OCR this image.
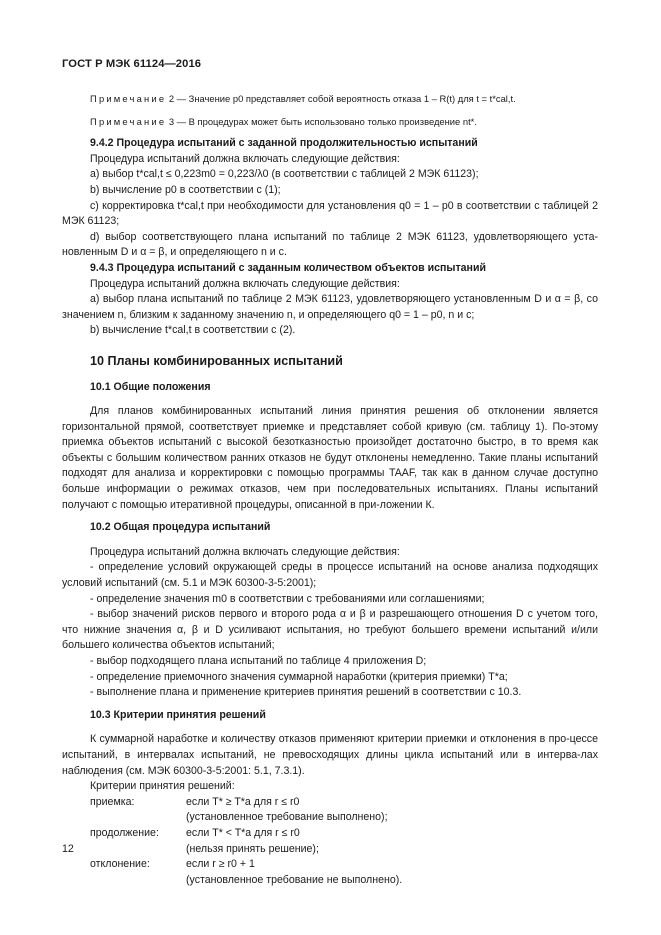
ГОСТ Р МЭК 61124—2016

Примечание 2 — Значение p0 представляет собой вероятность отказа 1 – R(t) для t = t*cal,t.

Примечание 3 — В процедурах может быть использовано только произведение nt*.

9.4.2 Процедура испытаний с заданной продолжительностью испытаний

Процедура испытаний должна включать следующие действия:

а) выбор t*cal,t ≤ 0,223m0 = 0,223/λ0 (в соответствии с таблицей 2 МЭК 61123);

b) вычисление p0 в соответствии с (1);

c) корректировка t*cal,t при необходимости для установления q0 = 1 – p0 в соответствии с таблицей 2 МЭК 61123;

d) выбор соответствующего плана испытаний по таблице 2 МЭК 61123, удовлетворяющего уста-новленным D и α = β, и определяющего n и c.

9.4.3 Процедура испытаний с заданным количеством объектов испытаний

Процедура испытаний должна включать следующие действия:

а) выбор плана испытаний по таблице 2 МЭК 61123, удовлетворяющего установленным D и α = β, со значением n, близким к заданному значению n, и определяющего q0 = 1 – p0, n и c;

b) вычисление t*cal,t в соответствии с (2).

10 Планы комбинированных испытаний

10.1 Общие положения

Для планов комбинированных испытаний линия принятия решения об отклонении является горизонтальной прямой, соответствует приемке и представляет собой кривую (см. таблицу 1). По-этому приемка объектов испытаний с высокой безотказностью произойдет достаточно быстро, в то время как объекты с большим количеством ранних отказов не будут отклонены немедленно. Такие планы испытаний подходят для анализа и корректировки с помощью программы TAAF, так как в данном случае доступно больше информации о режимах отказов, чем при последовательных испытаниях. Планы испытаний получают с помощью итеративной процедуры, описанной в при-ложении К.

10.2 Общая процедура испытаний

Процедура испытаний должна включать следующие действия:

- определение условий окружающей среды в процессе испытаний на основе анализа подходящих условий испытаний (см. 5.1 и МЭК 60300-3-5:2001);

- определение значения m0 в соответствии с требованиями или соглашениями;

- выбор значений рисков первого и второго рода α и β и разрешающего отношения D с учетом того, что нижние значения α, β и D усиливают испытания, но требуют большего времени испытаний и/или большего количества объектов испытаний;

- выбор подходящего плана испытаний по таблице 4 приложения D;

- определение приемочного значения суммарной наработки (критерия приемки) T*a;

- выполнение плана и применение критериев принятия решений в соответствии с 10.3.

10.3 Критерии принятия решений

К суммарной наработке и количеству отказов применяют критерии приемки и отклонения в про-цессе испытаний, в интервалах испытаний, не превосходящих длины цикла испытаний или в интерва-лах наблюдения (см. МЭК 60300-3-5:2001: 5.1, 7.3.1).

Критерии принятия решений:

приемка:	если T* ≥ T*a для r ≤ r0
(установленное требование выполнено);
продолжение:	если T* < T*a для r ≤ r0
(нельзя принять решение);
отклонение:	если r ≥ r0 + 1
(установленное требование не выполнено).
12
